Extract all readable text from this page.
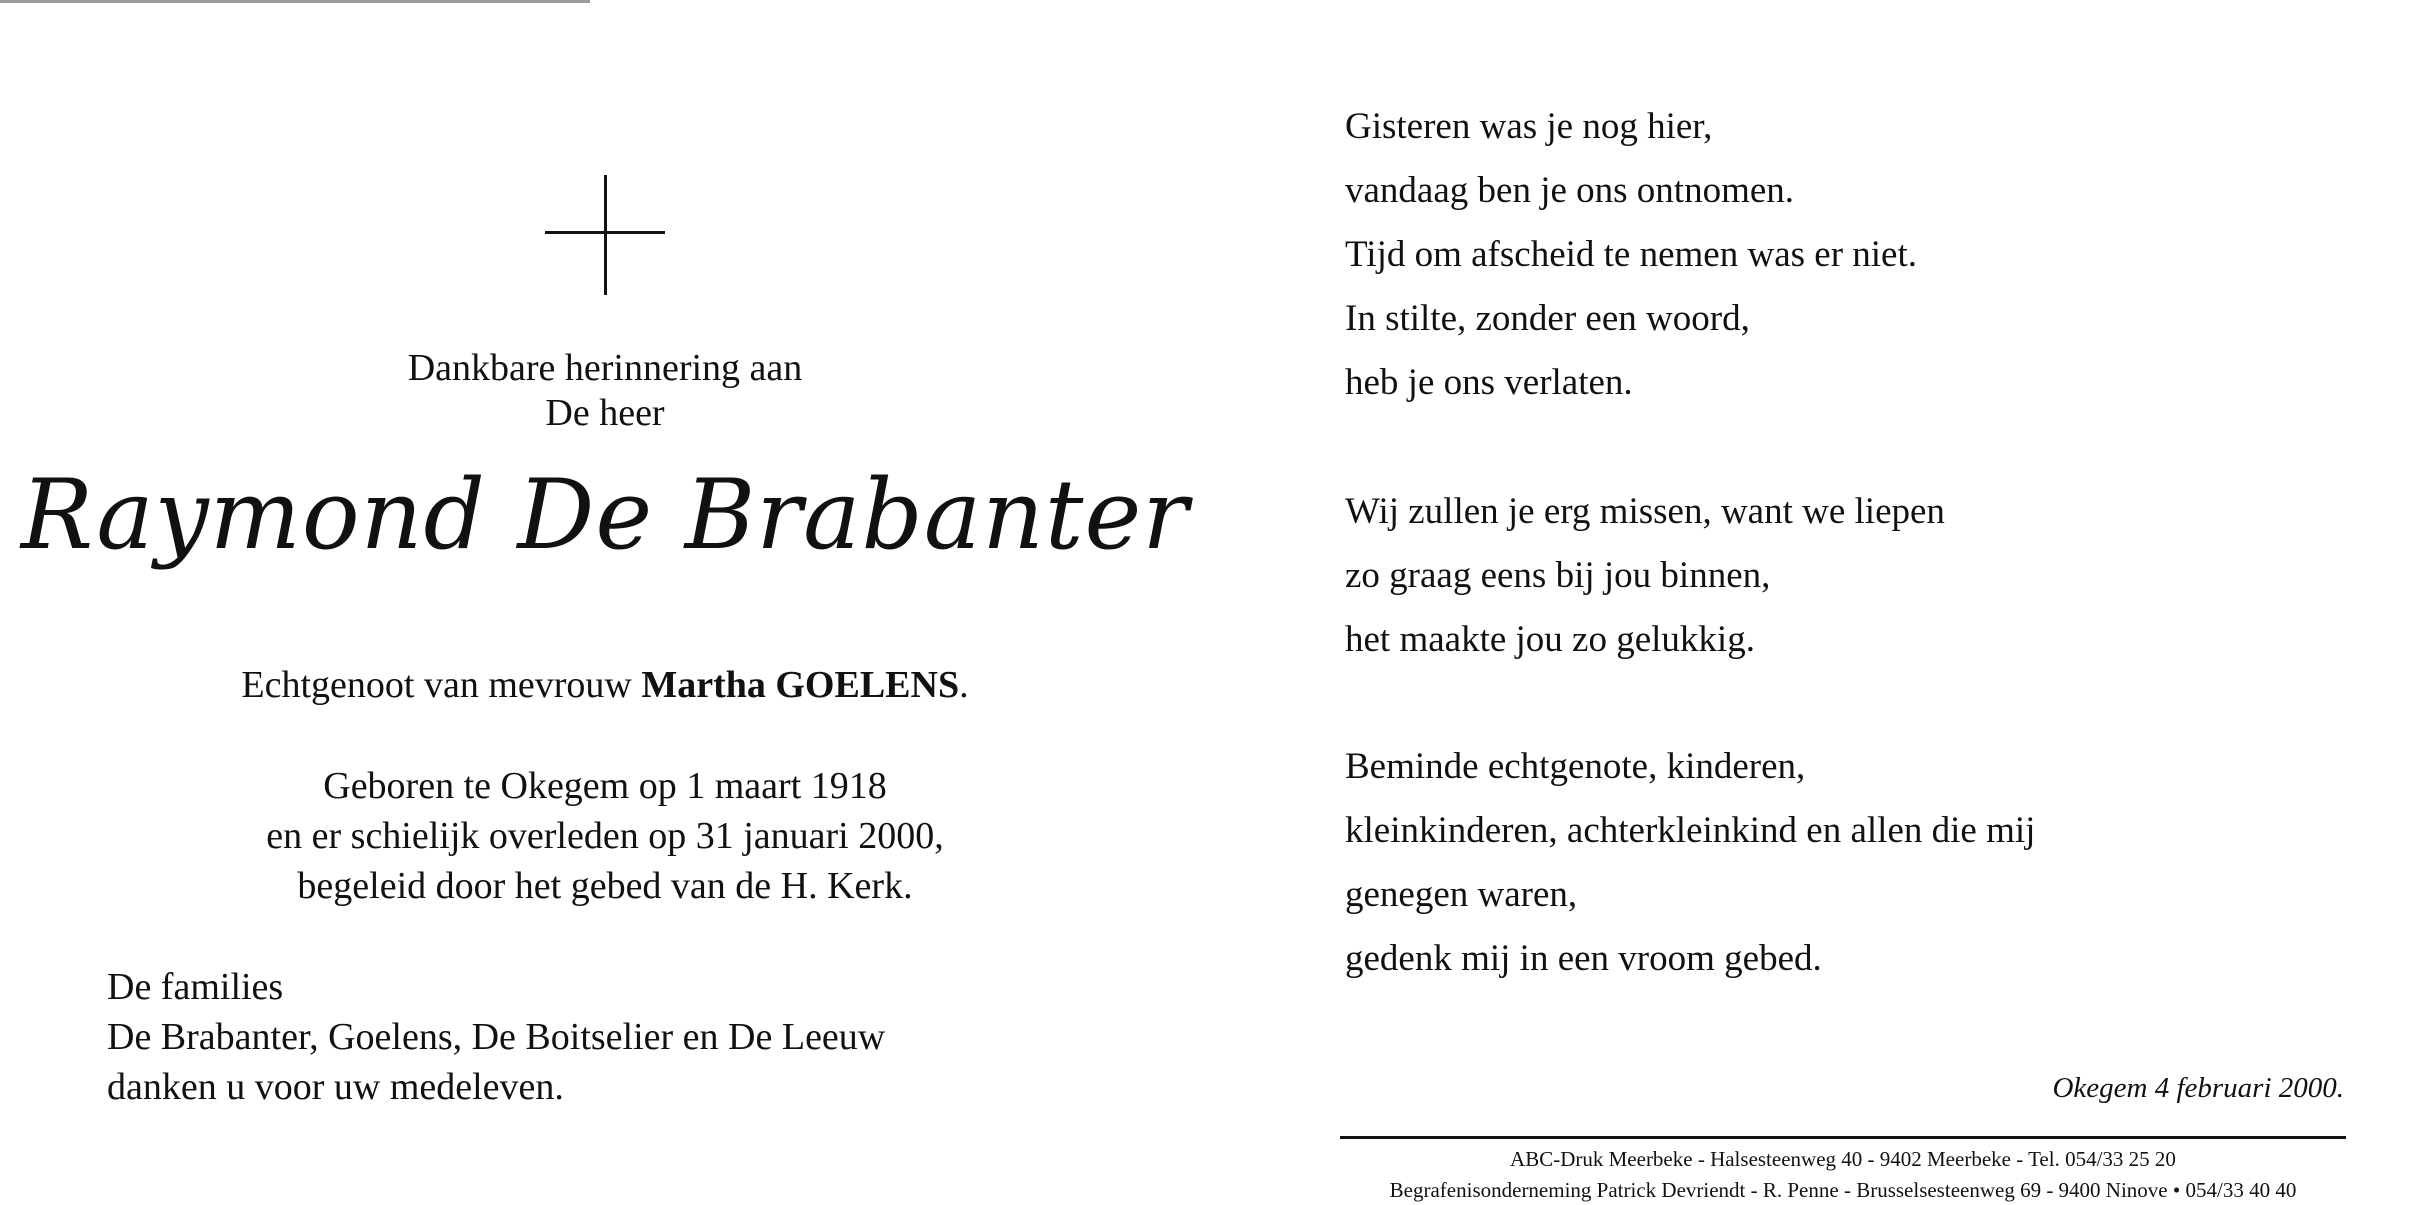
Dankbare herinnering aan

De heer

Raymond De Brabanter

Echtgenoot van mevrouw Martha GOELENS.

Geboren te Okegem op 1 maart 1918

en er schielijk overleden op 31 januari 2000,

begeleid door het gebed van de H. Kerk.

De families
De Brabanter, Goelens, De Boitselier en De Leeuw
danken u voor uw medeleven.
Gisteren was je nog hier,
vandaag ben je ons ontnomen.
Tijd om afscheid te nemen was er niet.
In stilte, zonder een woord,
heb je ons verlaten.
Wij zullen je erg missen, want we liepen
zo graag eens bij jou binnen,
het maakte jou zo gelukkig.
Beminde echtgenote, kinderen,
kleinkinderen, achterkleinkind en allen die mij
genegen waren,
gedenk mij in een vroom gebed.

Okegem 4 februari 2000.

ABC-Druk Meerbeke - Halsesteenweg 40 - 9402 Meerbeke - Tel. 054/33 25 20

Begrafenisonderneming Patrick Devriendt - R. Penne - Brusselsesteenweg 69 - 9400 Ninove • 054/33 40 40
